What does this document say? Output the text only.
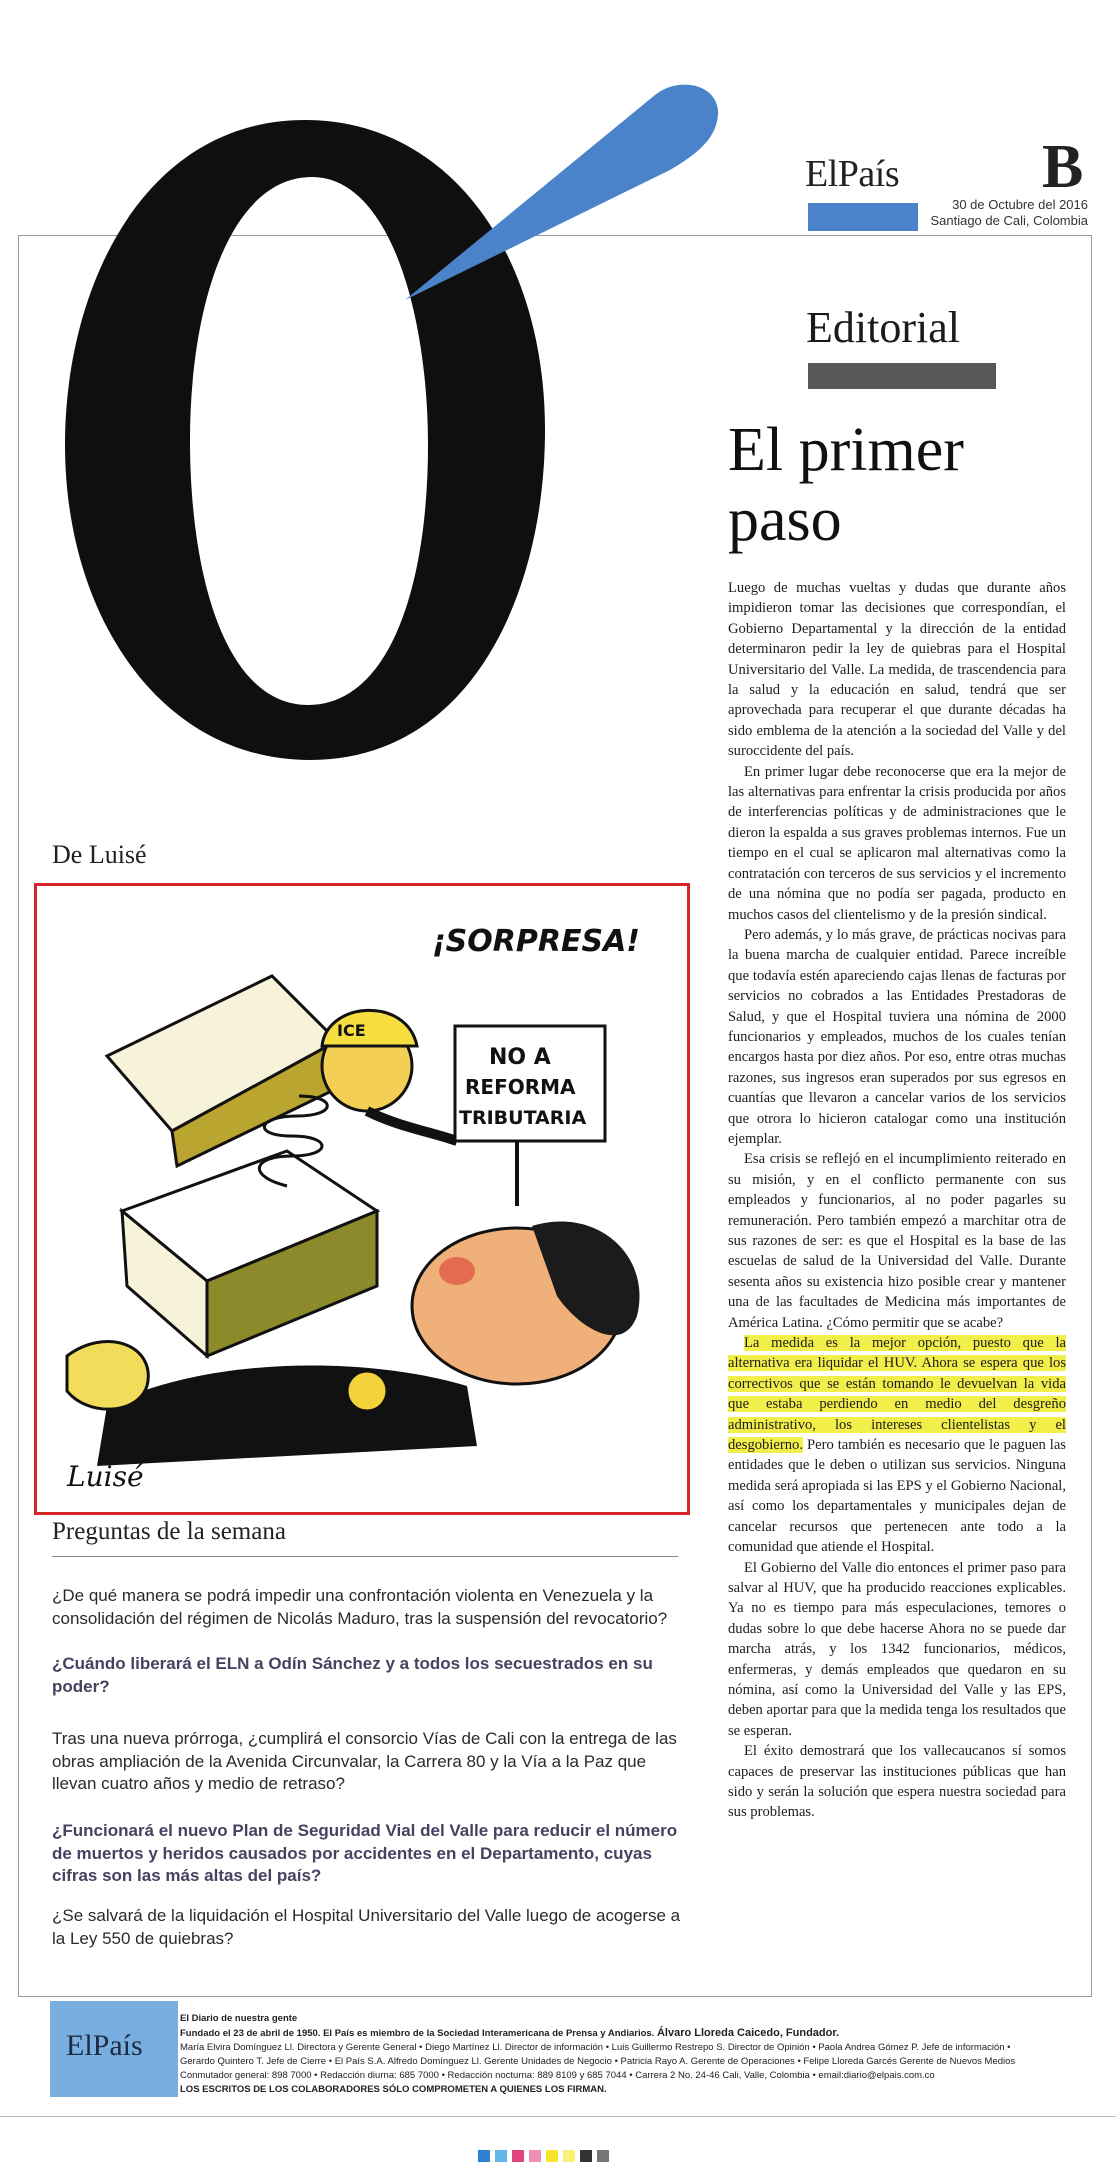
ElPaís B
30 de Octubre del 2016
Santiago de Cali, Colombia
Editorial
El primer
paso

Luego de muchas vueltas y dudas que durante años impidieron tomar las decisiones que correspondían, el Gobierno Departamental y la dirección de la entidad determinaron pedir la ley de quiebras para el Hospital Universitario del Valle. La medida, de trascendencia para la salud y la educación en salud, tendrá que ser aprovechada para recuperar el que durante décadas ha sido emblema de la atención a la sociedad del Valle y del suroccidente del país.

En primer lugar debe reconocerse que era la mejor de las alternativas para enfrentar la crisis producida por años de interferencias políticas y de administraciones que le dieron la espalda a sus graves problemas internos. Fue un tiempo en el cual se aplicaron mal alternativas como la contratación con terceros de sus servicios y el incremento de una nómina que no podía ser pagada, producto en muchos casos del clientelismo y de la presión sindical.

Pero además, y lo más grave, de prácticas nocivas para la buena marcha de cualquier entidad. Parece increíble que todavía estén apareciendo cajas llenas de facturas por servicios no cobrados a las Entidades Prestadoras de Salud, y que el Hospital tuviera una nómina de 2000 funcionarios y empleados, muchos de los cuales tenían encargos hasta por diez años. Por eso, entre otras muchas razones, sus ingresos eran superados por sus egresos en cuantías que llevaron a cancelar varios de los servicios que otrora lo hicieron catalogar como una institución ejemplar.

Esa crisis se reflejó en el incumplimiento reiterado en su misión, y en el conflicto permanente con sus empleados y funcionarios, al no poder pagarles su remuneración. Pero también empezó a marchitar otra de sus razones de ser: es que el Hospital es la base de las escuelas de salud de la Universidad del Valle. Durante sesenta años su existencia hizo posible crear y mantener una de las facultades de Medicina más importantes de América Latina. ¿Cómo permitir que se acabe?

La medida es la mejor opción, puesto que la alternativa era liquidar el HUV. Ahora se espera que los correctivos que se están tomando le devuelvan la vida que estaba perdiendo en medio del desgreño administrativo, los intereses clientelistas y el desgobierno. Pero también es necesario que le paguen las entidades que le deben o utilizan sus servicios. Ninguna medida será apropiada si las EPS y el Gobierno Nacional, así como los departamentales y municipales dejan de cancelar recursos que pertenecen ante todo a la comunidad que atiende el Hospital.

El Gobierno del Valle dio entonces el primer paso para salvar al HUV, que ha producido reacciones explicables. Ya no es tiempo para más especulaciones, temores o dudas sobre lo que debe hacerse Ahora no se puede dar marcha atrás, y los 1342 funcionarios, médicos, enfermeras, y demás empleados que quedaron en su nómina, así como la Universidad del Valle y las EPS, deben aportar para que la medida tenga los resultados que se esperan.

El éxito demostrará que los vallecaucanos sí somos capaces de preservar las instituciones públicas que han sido y serán la solución que espera nuestra sociedad para sus problemas.

De Luisé
¡SORPRESA!
ICE
NO A
REFORMA
TRIBUTARIA
Luisé
Preguntas de la semana
¿De qué manera se podrá impedir una confrontación violenta en Venezuela y la consolidación del régimen de Nicolás Maduro, tras la suspensión del revocatorio?
¿Cuándo liberará el ELN a Odín Sánchez y a todos los secuestrados en su poder?
Tras una nueva prórroga, ¿cumplirá el consorcio Vías de Cali con la entrega de las obras ampliación de la Avenida Circunvalar, la Carrera 80 y la Vía a la Paz que llevan cuatro años y medio de retraso?
¿Funcionará el nuevo Plan de Seguridad Vial del Valle para reducir el número de muertos y heridos causados por accidentes en el Departamento, cuyas cifras son las más altas del país?
¿Se salvará de la liquidación el Hospital Universitario del Valle luego de acogerse a la Ley 550 de quiebras?
ElPaís
El Diario de nuestra gente
Fundado el 23 de abril de 1950. El País es miembro de la Sociedad Interamericana de Prensa y Andiarios. Álvaro Lloreda Caicedo, Fundador.
María Elvira Domínguez Ll. Directora y Gerente General • Diego Martínez Ll. Director de información • Luis Guillermo Restrepo S. Director de Opinión • Paola Andrea Gómez P. Jefe de información •
Gerardo Quintero T. Jefe de Cierre • El País S.A. Alfredo Domínguez Ll. Gerente Unidades de Negocio • Patricia Rayo A. Gerente de Operaciones • Felipe Lloreda Garcés Gerente de Nuevos Medios
Conmutador general: 898 7000 • Redacción diurna: 685 7000 • Redacción nocturna: 889 8109 y 685 7044 • Carrera 2 No. 24-46 Cali, Valle, Colombia • email:diario@elpais.com.co
LOS ESCRITOS DE LOS COLABORADORES SÓLO COMPROMETEN A QUIENES LOS FIRMAN.
